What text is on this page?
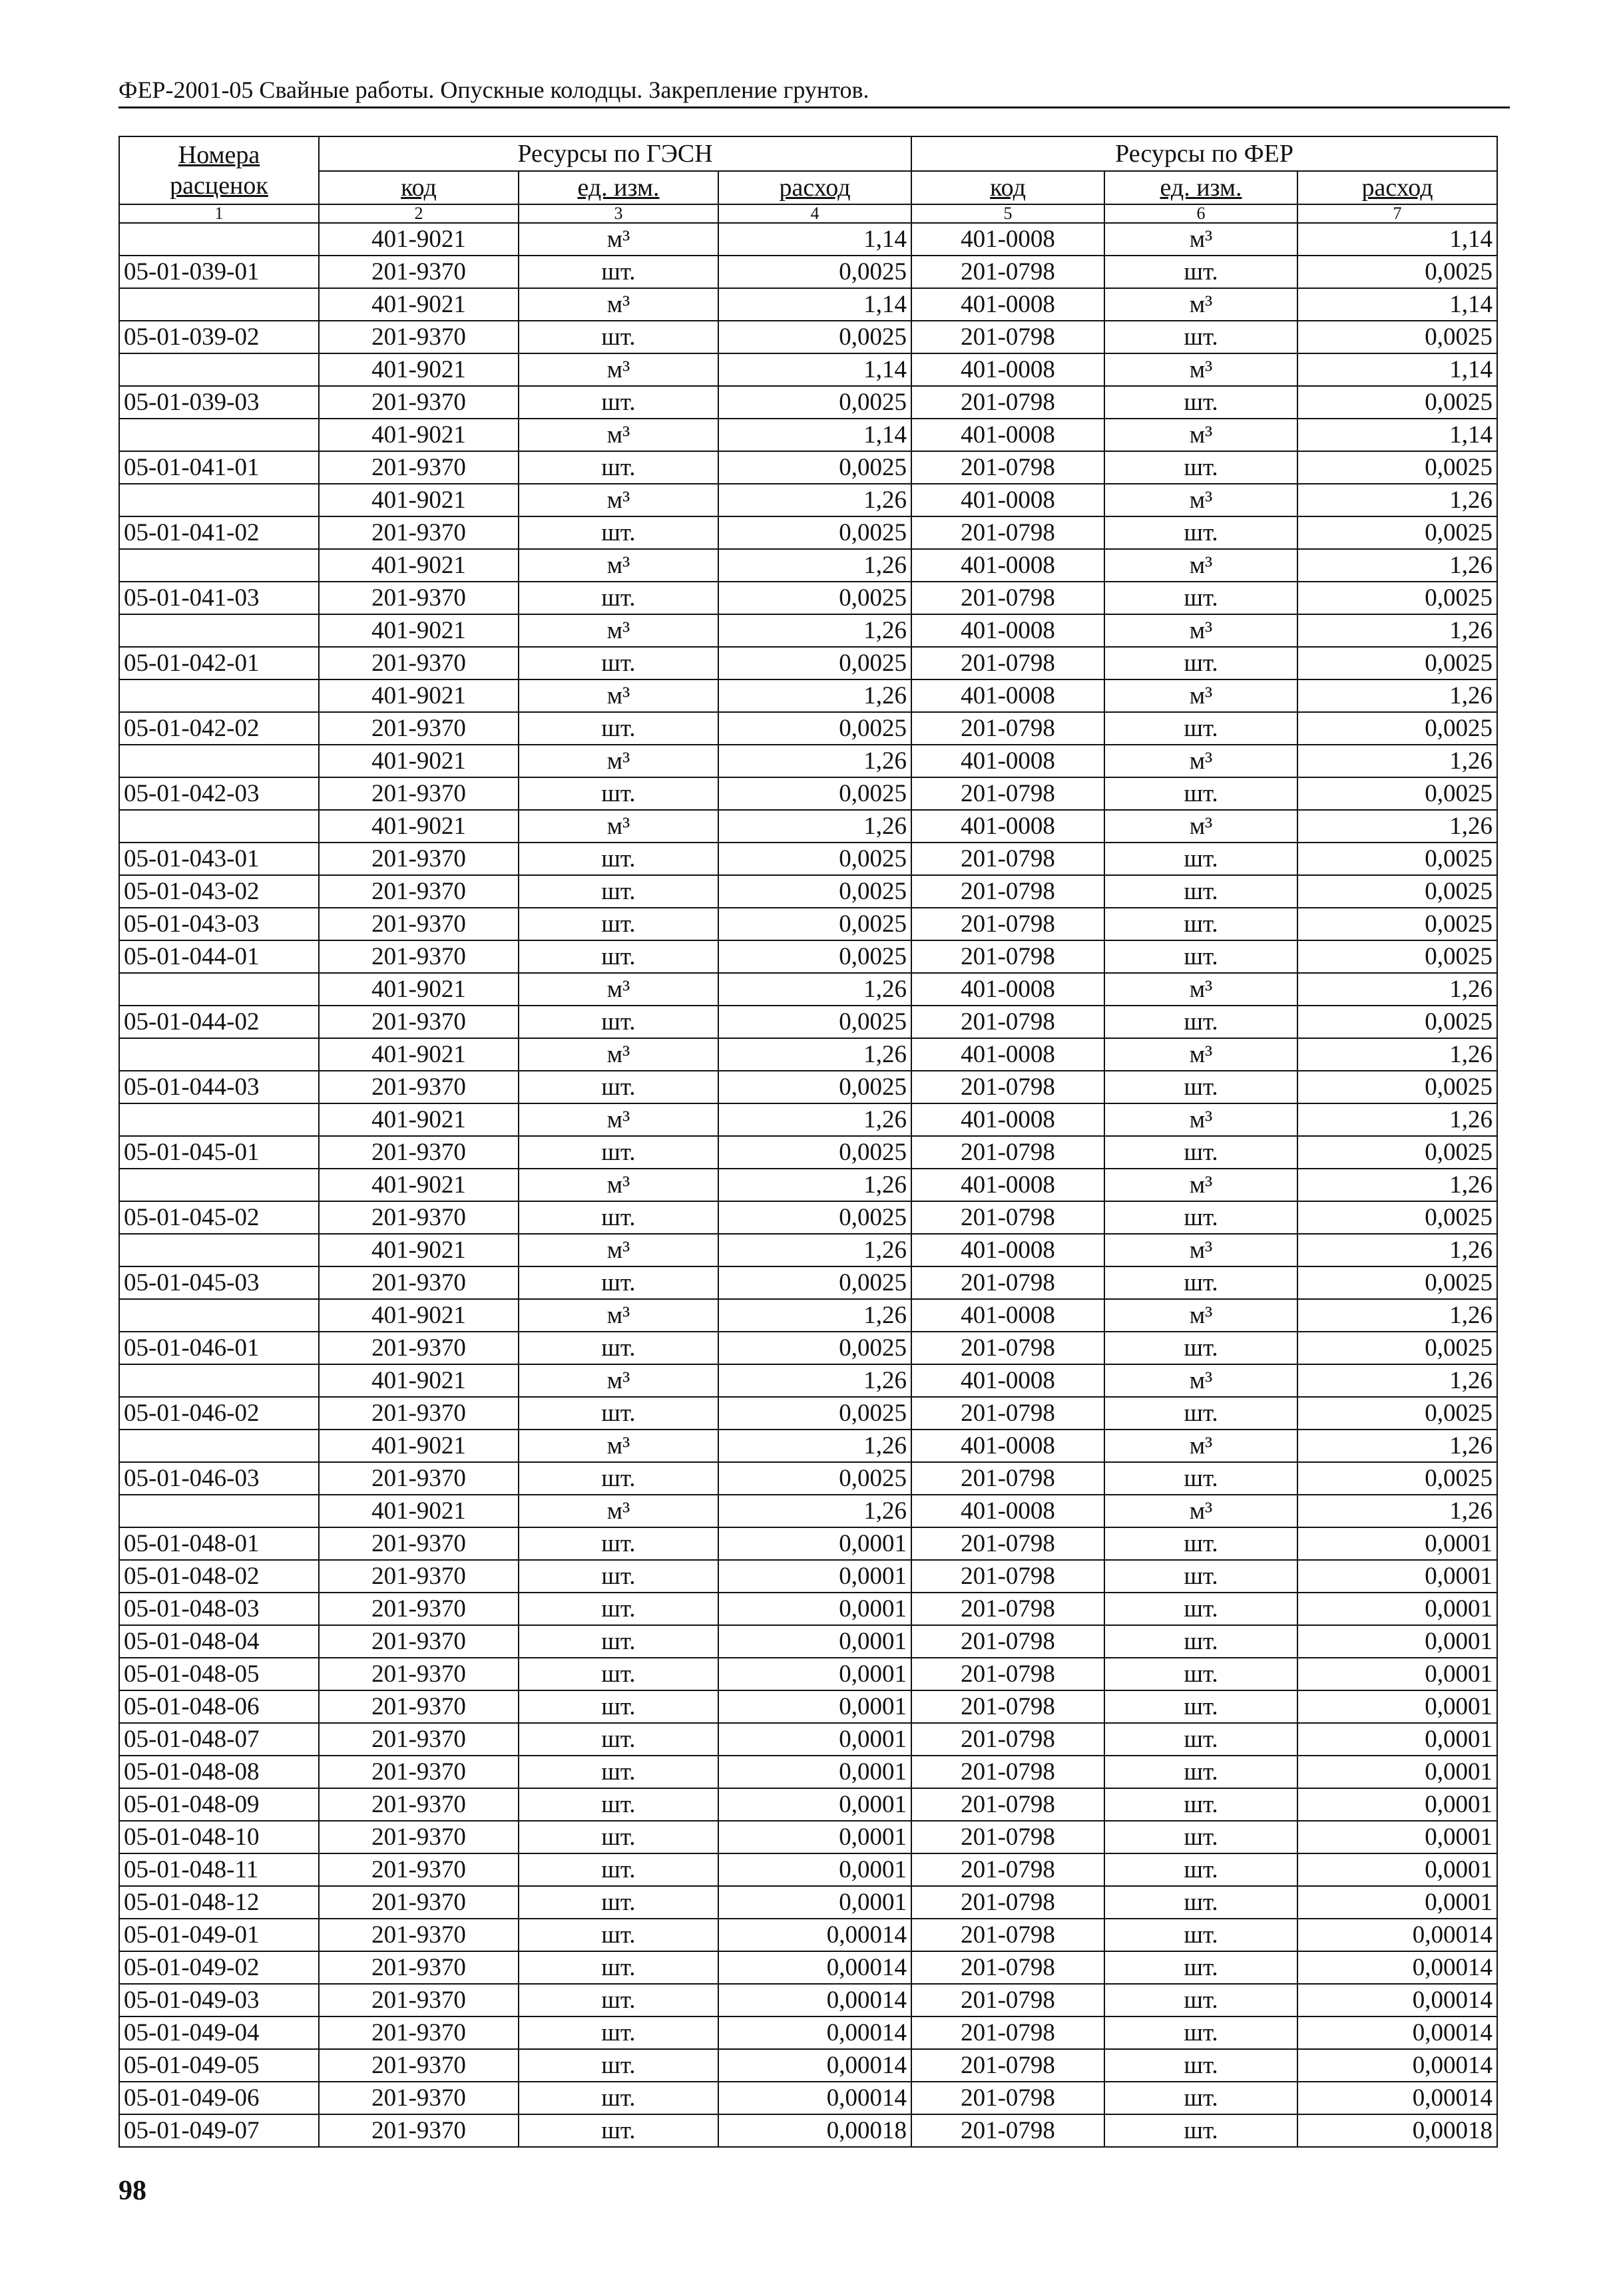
ФЕР-2001-05 Свайные работы. Опускные колодцы. Закрепление грунтов.
Номера расценок	Ресурсы по ГЭСН			Ресурсы по ФЕР		
	код	ед. изм.	расход	код	ед. изм.	расход
1	2	3	4	5	6	7
	401-9021	м³	1,14	401-0008	м³	1,14
05-01-039-01	201-9370	шт.	0,0025	201-0798	шт.	0,0025
	401-9021	м³	1,14	401-0008	м³	1,14
05-01-039-02	201-9370	шт.	0,0025	201-0798	шт.	0,0025
	401-9021	м³	1,14	401-0008	м³	1,14
05-01-039-03	201-9370	шт.	0,0025	201-0798	шт.	0,0025
	401-9021	м³	1,14	401-0008	м³	1,14
05-01-041-01	201-9370	шт.	0,0025	201-0798	шт.	0,0025
	401-9021	м³	1,26	401-0008	м³	1,26
05-01-041-02	201-9370	шт.	0,0025	201-0798	шт.	0,0025
	401-9021	м³	1,26	401-0008	м³	1,26
05-01-041-03	201-9370	шт.	0,0025	201-0798	шт.	0,0025
	401-9021	м³	1,26	401-0008	м³	1,26
05-01-042-01	201-9370	шт.	0,0025	201-0798	шт.	0,0025
	401-9021	м³	1,26	401-0008	м³	1,26
05-01-042-02	201-9370	шт.	0,0025	201-0798	шт.	0,0025
	401-9021	м³	1,26	401-0008	м³	1,26
05-01-042-03	201-9370	шт.	0,0025	201-0798	шт.	0,0025
	401-9021	м³	1,26	401-0008	м³	1,26
05-01-043-01	201-9370	шт.	0,0025	201-0798	шт.	0,0025
05-01-043-02	201-9370	шт.	0,0025	201-0798	шт.	0,0025
05-01-043-03	201-9370	шт.	0,0025	201-0798	шт.	0,0025
05-01-044-01	201-9370	шт.	0,0025	201-0798	шт.	0,0025
	401-9021	м³	1,26	401-0008	м³	1,26
05-01-044-02	201-9370	шт.	0,0025	201-0798	шт.	0,0025
	401-9021	м³	1,26	401-0008	м³	1,26
05-01-044-03	201-9370	шт.	0,0025	201-0798	шт.	0,0025
	401-9021	м³	1,26	401-0008	м³	1,26
05-01-045-01	201-9370	шт.	0,0025	201-0798	шт.	0,0025
	401-9021	м³	1,26	401-0008	м³	1,26
05-01-045-02	201-9370	шт.	0,0025	201-0798	шт.	0,0025
	401-9021	м³	1,26	401-0008	м³	1,26
05-01-045-03	201-9370	шт.	0,0025	201-0798	шт.	0,0025
	401-9021	м³	1,26	401-0008	м³	1,26
05-01-046-01	201-9370	шт.	0,0025	201-0798	шт.	0,0025
	401-9021	м³	1,26	401-0008	м³	1,26
05-01-046-02	201-9370	шт.	0,0025	201-0798	шт.	0,0025
	401-9021	м³	1,26	401-0008	м³	1,26
05-01-046-03	201-9370	шт.	0,0025	201-0798	шт.	0,0025
	401-9021	м³	1,26	401-0008	м³	1,26
05-01-048-01	201-9370	шт.	0,0001	201-0798	шт.	0,0001
05-01-048-02	201-9370	шт.	0,0001	201-0798	шт.	0,0001
05-01-048-03	201-9370	шт.	0,0001	201-0798	шт.	0,0001
05-01-048-04	201-9370	шт.	0,0001	201-0798	шт.	0,0001
05-01-048-05	201-9370	шт.	0,0001	201-0798	шт.	0,0001
05-01-048-06	201-9370	шт.	0,0001	201-0798	шт.	0,0001
05-01-048-07	201-9370	шт.	0,0001	201-0798	шт.	0,0001
05-01-048-08	201-9370	шт.	0,0001	201-0798	шт.	0,0001
05-01-048-09	201-9370	шт.	0,0001	201-0798	шт.	0,0001
05-01-048-10	201-9370	шт.	0,0001	201-0798	шт.	0,0001
05-01-048-11	201-9370	шт.	0,0001	201-0798	шт.	0,0001
05-01-048-12	201-9370	шт.	0,0001	201-0798	шт.	0,0001
05-01-049-01	201-9370	шт.	0,00014	201-0798	шт.	0,00014
05-01-049-02	201-9370	шт.	0,00014	201-0798	шт.	0,00014
05-01-049-03	201-9370	шт.	0,00014	201-0798	шт.	0,00014
05-01-049-04	201-9370	шт.	0,00014	201-0798	шт.	0,00014
05-01-049-05	201-9370	шт.	0,00014	201-0798	шт.	0,00014
05-01-049-06	201-9370	шт.	0,00014	201-0798	шт.	0,00014
05-01-049-07	201-9370	шт.	0,00018	201-0798	шт.	0,00018
98
